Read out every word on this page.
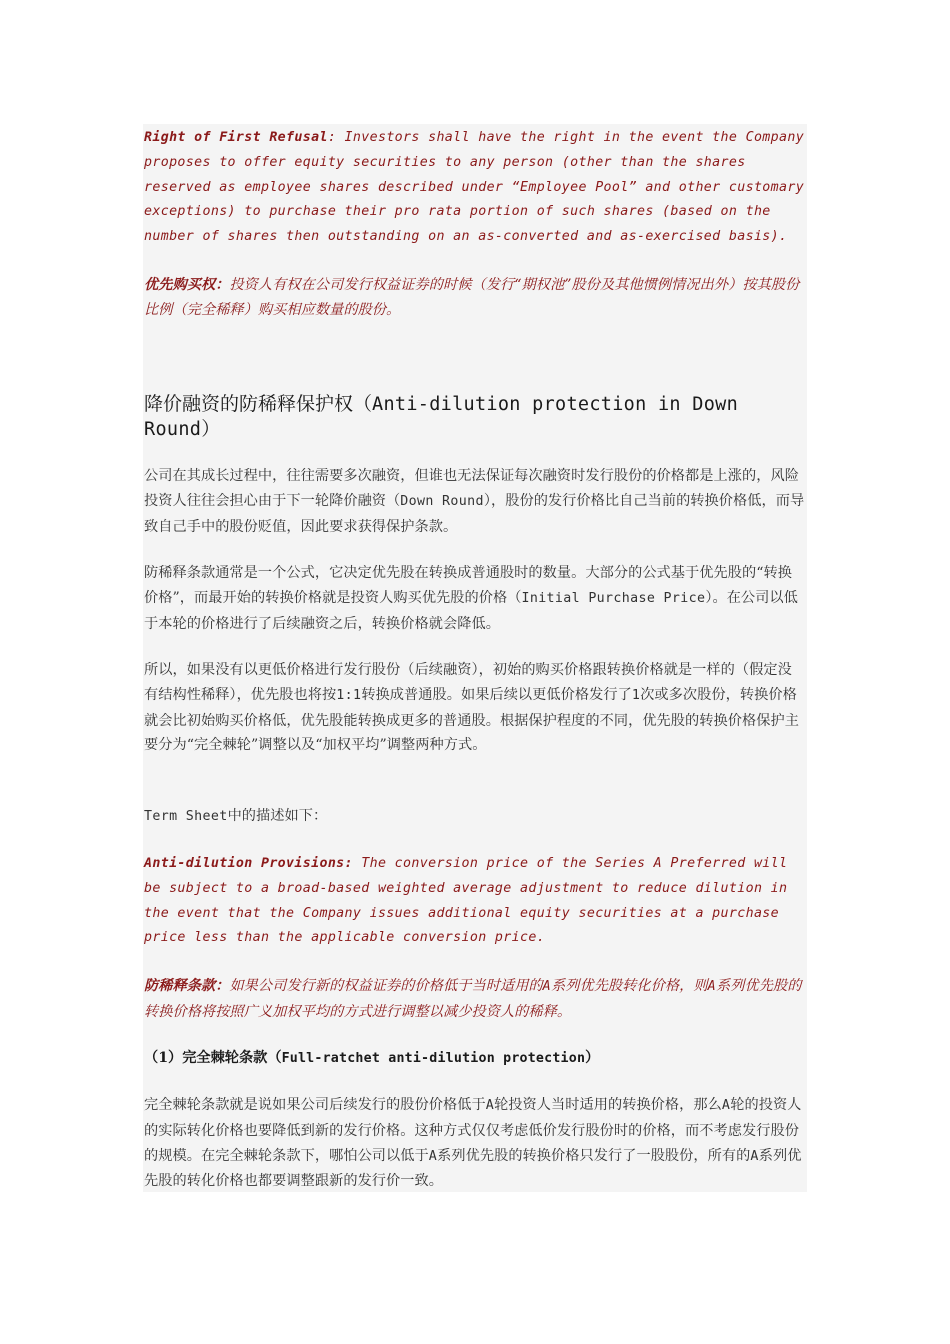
Right of First Refusal: Investors shall have the right in the event the Company proposes to offer equity securities to any person (other than the shares reserved as employee shares described under “Employee Pool” and other customary exceptions) to purchase their pro rata portion of such shares (based on the number of shares then outstanding on an as-converted and as-exercised basis).

优先购买权：投资人有权在公司发行权益证券的时候（发行“期权池”股份及其他惯例情况出外）按其股份比例（完全稀释）购买相应数量的股份。

降价融资的防稀释保护权（Anti-dilution protection in Down Round）

公司在其成长过程中，往往需要多次融资，但谁也无法保证每次融资时发行股份的价格都是上涨的，风险投资人往往会担心由于下一轮降价融资（Down Round），股份的发行价格比自己当前的转换价格低，而导致自己手中的股份贬值，因此要求获得保护条款。

防稀释条款通常是一个公式，它决定优先股在转换成普通股时的数量。大部分的公式基于优先股的“转换价格”，而最开始的转换价格就是投资人购买优先股的价格（Initial Purchase Price）。在公司以低于本轮的价格进行了后续融资之后，转换价格就会降低。

所以，如果没有以更低价格进行发行股份（后续融资），初始的购买价格跟转换价格就是一样的（假定没有结构性稀释），优先股也将按1:1转换成普通股。如果后续以更低价格发行了1次或多次股份，转换价格就会比初始购买价格低，优先股能转换成更多的普通股。根据保护程度的不同，优先股的转换价格保护主要分为“完全棘轮”调整以及“加权平均”调整两种方式。

Term Sheet中的描述如下：

Anti-dilution Provisions: The conversion price of the Series A Preferred will be subject to a broad-based weighted average adjustment to reduce dilution in the event that the Company issues additional equity securities at a purchase price less than the applicable conversion price.

防稀释条款：如果公司发行新的权益证券的价格低于当时适用的A系列优先股转化价格，则A系列优先股的转换价格将按照广义加权平均的方式进行调整以减少投资人的稀释。

（1）完全棘轮条款（Full-ratchet anti-dilution protection）

完全棘轮条款就是说如果公司后续发行的股份价格低于A轮投资人当时适用的转换价格，那么A轮的投资人的实际转化价格也要降低到新的发行价格。这种方式仅仅考虑低价发行股份时的价格，而不考虑发行股份的规模。在完全棘轮条款下，哪怕公司以低于A系列优先股的转换价格只发行了一股股份，所有的A系列优先股的转化价格也都要调整跟新的发行价一致。
